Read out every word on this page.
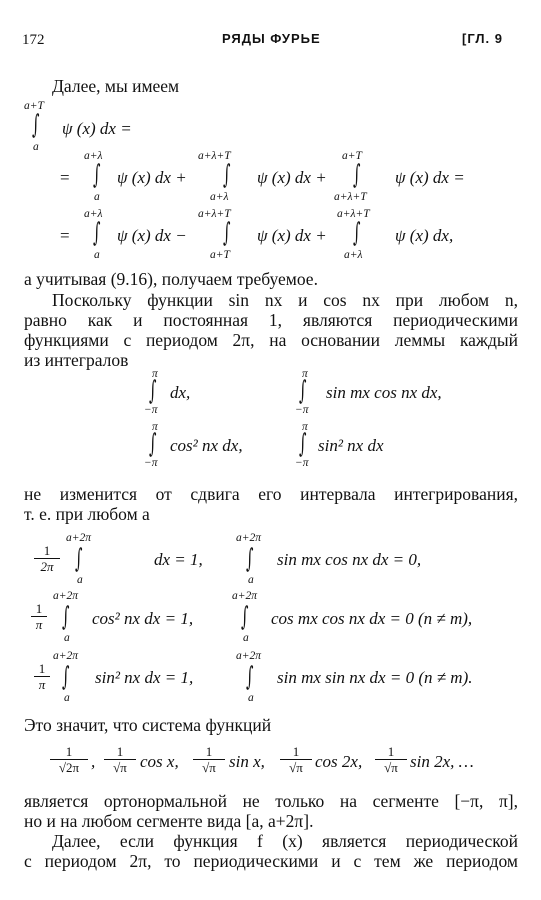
172	РЯДЫ ФУРЬЕ	[ГЛ. 9
Далее, мы имеем
a+T
∫
a
ψ (x) dx =
=
a+λ
∫
a
ψ (x) dx +
a+λ+T
∫
a+λ
ψ (x) dx +
a+T
∫
a+λ+T
ψ (x) dx =
=
a+λ
∫
a
ψ (x) dx −
a+λ+T
∫
a+T
ψ (x) dx +
a+λ+T
∫
a+λ
ψ (x) dx,
а учитывая (9.16), получаем требуемое.
Поскольку функции sin nx и cos nx при любом n,
равно как и постоянная 1, являются периодическими
функциями с периодом 2π, на основании леммы каждый
из интегралов
π
∫
−π
dx,
π
∫
−π
sin mx cos nx dx,
π
∫
−π
cos² nx dx,
π
∫
−π
sin² nx dx
не изменится от сдвига его интервала интегрирования,
т. е. при любом a
$\frac{1}{2\pi}$
a+2π
∫
a
dx = 1,
a+2π
∫
a
sin mx cos nx dx = 0,
$\frac{1}{\pi}$
a+2π
∫
a
cos² nx dx = 1,
a+2π
∫
a
cos mx cos nx dx = 0 (n ≠ m),
$\frac{1}{\pi}$
a+2π
∫
a
sin² nx dx = 1,
a+2π
∫
a
sin mx sin nx dx = 0 (n ≠ m).
Это значит, что система функций
$\frac{1}{√2\pi}$ , $\frac{1}{√\pi}$ cos x, $\frac{1}{√\pi}$ sin x, $\frac{1}{√\pi}$ cos 2x, $\frac{1}{√\pi}$ sin 2x, …
является ортонормальной не только на сегменте [−π, π],
но и на любом сегменте вида [a, a+2π].
Далее, если функция f (x) является периодической
с периодом 2π, то периодическими и с тем же периодом
